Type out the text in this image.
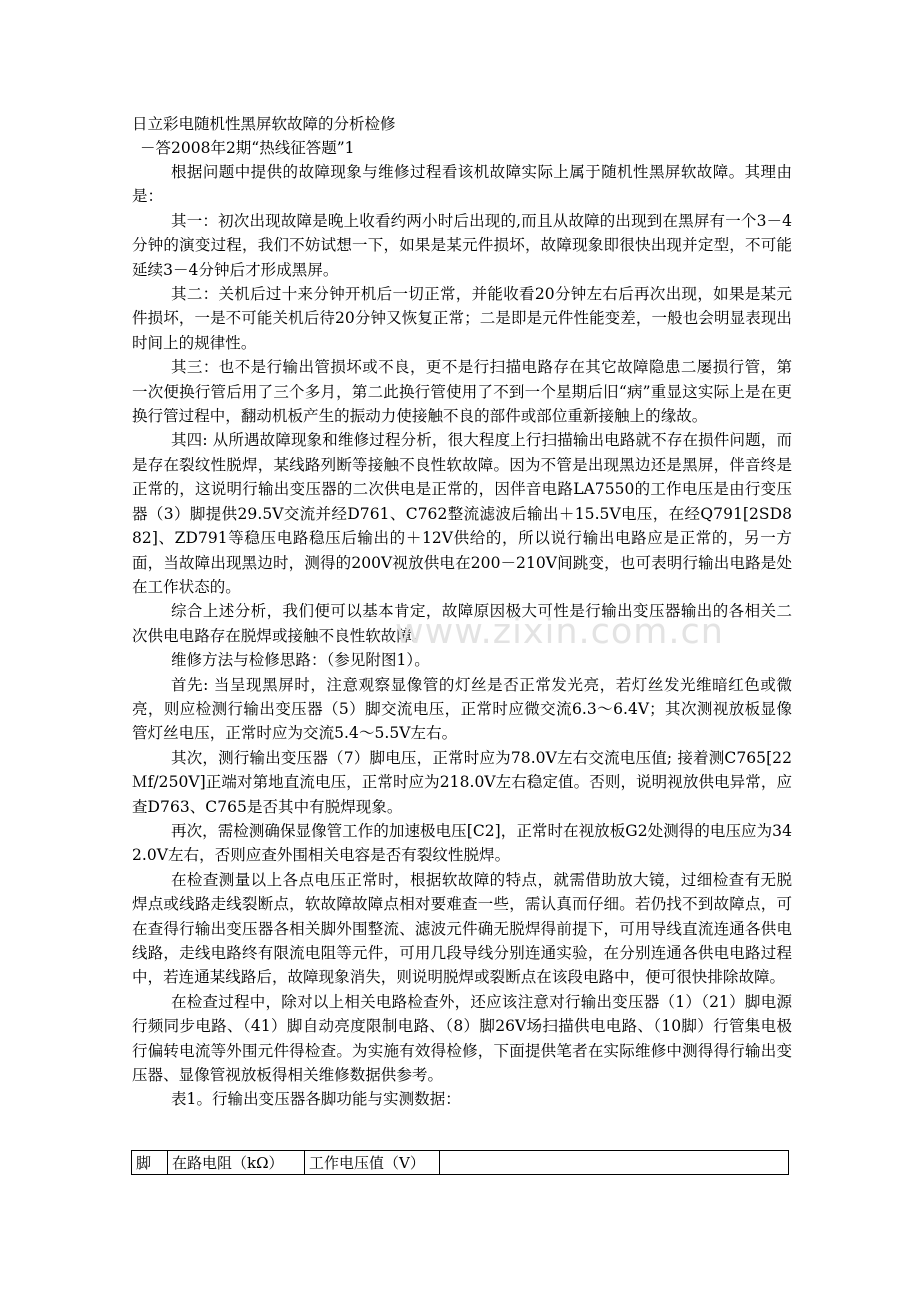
日立彩电随机性黑屏软故障的分析检修
－答2008年2期“热线征答题”1

根据问题中提供的故障现象与维修过程看该机故障实际上属于随机性黑屏软故障。其理由是：

其一：初次出现故障是晚上收看约两小时后出现的,而且从故障的出现到在黑屏有一个3－4分钟的演变过程，我们不妨试想一下，如果是某元件损坏，故障现象即很快出现并定型，不可能延续3－4分钟后才形成黑屏。

其二：关机后过十来分钟开机后一切正常，并能收看20分钟左右后再次出现，如果是某元件损坏，一是不可能关机后待20分钟又恢复正常；二是即是元件性能变差，一般也会明显表现出时间上的规律性。

其三：也不是行输出管损坏或不良，更不是行扫描电路存在其它故障隐患二屡损行管，第一次便换行管后用了三个多月，第二此换行管使用了不到一个星期后旧“病”重显这实际上是在更换行管过程中，翻动机板产生的振动力使接触不良的部件或部位重新接触上的缘故。

其四: 从所遇故障现象和维修过程分析，很大程度上行扫描输出电路就不存在损件问题，而是存在裂纹性脱焊，某线路列断等接触不良性软故障。因为不管是出现黑边还是黑屏，伴音终是正常的，这说明行输出变压器的二次供电是正常的，因伴音电路LA7550的工作电压是由行变压器（3）脚提供29.5V交流并经D761、C762整流滤波后输出＋15.5V电压，在经Q791[2SD882]、ZD791等稳压电路稳压后输出的＋12V供给的，所以说行输出电路应是正常的，另一方面，当故障出现黑边时，测得的200V视放供电在200－210V间跳变，也可表明行输出电路是处在工作状态的。

综合上述分析，我们便可以基本肯定，故障原因极大可性是行输出变压器输出的各相关二次供电电路存在脱焊或接触不良性软故障。

维修方法与检修思路：（参见附图1）。

首先: 当呈现黑屏时，注意观察显像管的灯丝是否正常发光亮，若灯丝发光维暗红色或微亮，则应检测行输出变压器（5）脚交流电压，正常时应微交流6.3～6.4V；其次测视放板显像管灯丝电压，正常时应为交流5.4～5.5V左右。

其次，测行输出变压器（7）脚电压，正常时应为78.0V左右交流电压值; 接着测C765[22Ｍf/250V]正端对第地直流电压，正常时应为218.0V左右稳定值。否则，说明视放供电异常，应查D763、C765是否其中有脱焊现象。

再次，需检测确保显像管工作的加速极电压[C2]，正常时在视放板G2处测得的电压应为342.0V左右，否则应查外围相关电容是否有裂纹性脱焊。

在检查测量以上各点电压正常时，根据软故障的特点，就需借助放大镜，过细检查有无脱焊点或线路走线裂断点，软故障故障点相对要难查一些，需认真而仔细。若仍找不到故障点，可在查得行输出变压器各相关脚外围整流、滤波元件确无脱焊得前提下，可用导线直流连通各供电线路，走线电路终有限流电阻等元件，可用几段导线分别连通实验，在分别连通各供电电路过程中，若连通某线路后，故障现象消失，则说明脱焊或裂断点在该段电路中，便可很快排除故障。

在检查过程中，除对以上相关电路检查外，还应该注意对行输出变压器（1）（21）脚电源行频同步电路、（41）脚自动亮度限制电路、（8）脚26V场扫描供电电路、（10脚）行管集电极行偏转电流等外围元件得检查。为实施有效得检修，下面提供笔者在实际维修中测得得行输出变压器、显像管视放板得相关维修数据供参考。

表1。行输出变压器各脚功能与实测数据：

www.zixin.com.cn
脚	在路电阻（kΩ）	工作电压值（V）	
